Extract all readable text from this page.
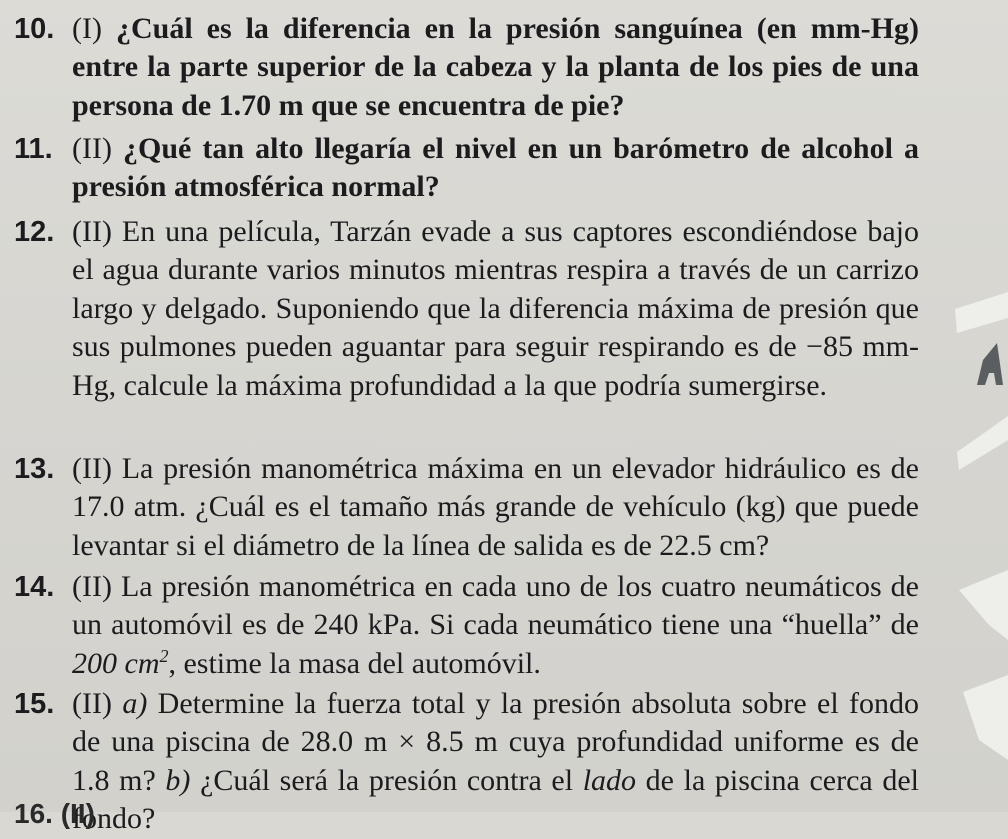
10. (I) ¿Cuál es la diferencia en la presión sanguínea (en mm-Hg) entre la parte superior de la cabeza y la planta de los pies de una persona de 1.70 m que se encuentra de pie?
11. (II) ¿Qué tan alto llegaría el nivel en un barómetro de alcohol a presión atmosférica normal?
12. (II) En una película, Tarzán evade a sus captores escondiéndose bajo el agua durante varios minutos mientras respira a través de un carrizo largo y delgado. Suponiendo que la diferencia máxima de presión que sus pulmones pueden aguantar para seguir respirando es de −85 mm-Hg, calcule la máxima profundidad a la que podría sumergirse.
13. (II) La presión manométrica máxima en un elevador hidráulico es de 17.0 atm. ¿Cuál es el tamaño más grande de vehículo (kg) que puede levantar si el diámetro de la línea de salida es de 22.5 cm?
14. (II) La presión manométrica en cada uno de los cuatro neumáticos de un automóvil es de 240 kPa. Si cada neumático tiene una “huella” de 200 $cm^2$, estime la masa del automóvil.
15. (II) a) Determine la fuerza total y la presión absoluta sobre el fondo de una piscina de 28.0 m × 8.5 m cuya profundidad uniforme es de 1.8 m? b) ¿Cuál será la presión contra el lado de la piscina cerca del fondo?
16. (II)
